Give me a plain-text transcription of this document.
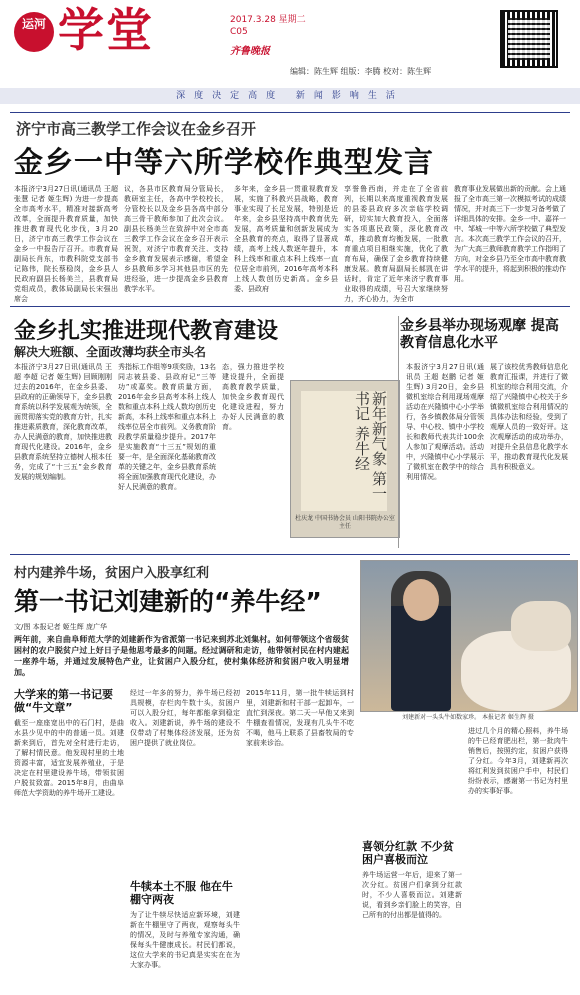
运河 学堂	2017.3.28 星期二
C05
齐鲁晚报
编辑：陈生辉 组版：李腾 校对：陈生辉
深度决定高度 新闻影响生活
济宁市高三教学工作会议在金乡召开
金乡一中等六所学校作典型发言
本报济宁3月27日讯(通讯员 王超 张慧 记者 姬生辉) 为进一步提高全市高考水平，精准对接新高考改革，全面提升教育质量，加快推进教育现代化步伐，3月20日，济宁市高三教学工作会议在金乡一中报告厅召开。市教育局副局长肖东，市教科院党支部书记陈伟，院长蔡稳岗，金乡县人民政府副县长杨美兰，县教育局党组成员，教体局副局长宋强出席会
议，各县市区教育局分管局长，教研室主任，各高中学校校长，分管校长以及金乡县各高中部分高三骨干教师参加了此次会议。副县长杨美兰在致辞中对全市高三教学工作会议在金乡召开表示祝贺，对济宁市教育关注、支持金乡教育发展表示感谢，希望金乡县教师多学习其他县市区的先进经验，进一步提高金乡县教育教学水平。
多年来，金乡县一贯重视教育发展，实施了科教兴县战略，教育事业实现了长足发展，特别是近年来，金乡县坚持高中教育优先发展，高考质量和创新发展成为全县教育的亮点，取得了显著成绩，高考上线人数逐年提升，本科上线率和重点本科上线率一直位居全市前列，2016年高考本科上线人数创历史新高。金乡县委、县政府
享誉鲁西南，并走在了全省前列，长期以来高度重视教育发展的县委县政府多次亲临学校调研，切实加大教育投入，全面落实各项惠民政策，深化教育改革，推动教育均衡发展，一批教育重点项目相继实施，优化了教育布局，确保了金乡教育持续健康发展。教育局副局长郝凯在讲话时，肯定了近年来济宁教育事业取得的成绩，号召大家继续努力，齐心协力，为全市
教育事业发展做出新的贡献。会上通报了全市高三第一次模拟考试的成绩情况，并对高三下一步复习备考做了详细具体的安排。金乡一中、嘉祥一中、邹城一中等六所学校做了典型发言。本次高三教学工作会议的召开，为广大高三教师教育教学工作指明了方向，对金乡县乃至全市高中教育教学水平的提升，将起到积极的推动作用。
金乡扎实推进现代教育建设
解决大班额、全面改薄均获全市头名
本报济宁3月27日讯(通讯员 王超 李超 记者 姬生辉) 回顾刚刚过去的2016年，在金乡县委、县政府的正确领导下，金乡县教育系统以科学发展观为统领，全面贯彻落实党的教育方针，扎实推进素质教育，深化教育改革，办人民满意的教育，加快推进教育现代化建设。2016年，金乡县教育系统坚持立德树人根本任务，完成了“十三五”金乡教育发展的规划编制。
秀指标工作组等9项奖励，13名同志被县委、县政府记“三等功”或嘉奖。教育质量方面，2016年金乡县高考本科上线人数和重点本科上线人数均创历史新高，本科上线率和重点本科上线率位居全市前列。义务教育阶段教学质量稳步提升。2017年是实施教育“十三五”规划的重要一年，是全面深化基础教育改革的关键之年，金乡县教育系统将全面加强教育现代化建设，办好人民满意的教育。
态，强力推进学校建设提升，全面提高教育教学质量，加快金乡教育现代化建设进程，努力办好人民满意的教育。	新年新气象 第一书记 养牛经
杜庆龙 中国书协会员 山阳书院办公室主任
金乡县举办现场观摩 提高教育信息化水平
本报济宁3月27日讯(通讯员 王超 赵鹏 记者 姬生辉) 3月20日，金乡县微机室综合利用现场观摩活动在兴隆镇中心小学举行，各乡镇教体局分管领导、中心校、镇中小学校长和教师代表共计100余人参加了观摩活动。活动中，兴隆镇中心小学展示了微机室在教学中的综合利用情况。
展了该校优秀教师信息化教育汇报课，并进行了微机室的综合利用交流，介绍了兴隆镇中心校关于乡镇微机室综合利用情况的具体办法和经验，受到了观摩人员的一致好评。这次观摩活动的成功举办，对提升全县信息化教学水平，推动教育现代化发展具有积极意义。
村内建养牛场，贫困户入股享红利
第一书记刘建新的“养牛经”
文/图 本报记者 姬生辉 庞广华
两年前，来自曲阜师范大学的刘建新作为省派第一书记来到苏北刘集村。如何带领这个省级贫困村的农户脱贫户过上好日子是他思考最多的问题。经过调研和走访，他带领村民在村内建起一座养牛场，并通过发展特色产业，让贫困户入股分红，使村集体经济和贫困户收入明显增加。
刘建新对一头头牛如数家珍。 本报记者 姬生辉 摄
大学来的第一书记要做“牛文章”
截至一座座宽出中的石门村，是曲水县少见中的中的普通一员。刘建新来到后，首先对全村进行走访，了解村情民意。他发现村里的土地资源丰富，适宜发展养殖业，于是决定在村里建设养牛场，带领贫困户脱贫致富。2015年8月，由曲阜师范大学资助的养牛场开工建设。
经过一年多的努力，养牛场已经初具规模，存栏肉牛数十头，贫困户可以入股分红，每年都能拿到稳定收入。刘建新说，养牛场的建设不仅带动了村集体经济发展，还为贫困户提供了就业岗位。
牛犊本土不服 他在牛棚守两夜
为了让牛犊尽快适应新环境，刘建新在牛棚里守了两夜，观察每头牛的情况，及时与养殖专家沟通，确保每头牛健康成长。村民们都说，这位大学来的书记真是实实在在为大家办事。
2015年11月，第一批牛犊运到村里，刘建新和村干部一起卸车，一直忙到深夜。第二天一早他又来到牛棚查看情况，发现有几头牛不吃不喝，他马上联系了县畜牧局的专家前来诊治。
喜领分红款 不少贫困户喜极而泣
养牛场运营一年后，迎来了第一次分红。贫困户们拿到分红款时，不少人喜极而泣。刘建新说，看到乡亲们脸上的笑容，自己所有的付出都是值得的。
进过几个月的精心照料，养牛场的牛已经育肥出栏，第一批肉牛销售后，按照约定，贫困户获得了分红。今年3月，刘建新再次将红利发到贫困户手中，村民们纷纷表示，感谢第一书记为村里办的实事好事。
